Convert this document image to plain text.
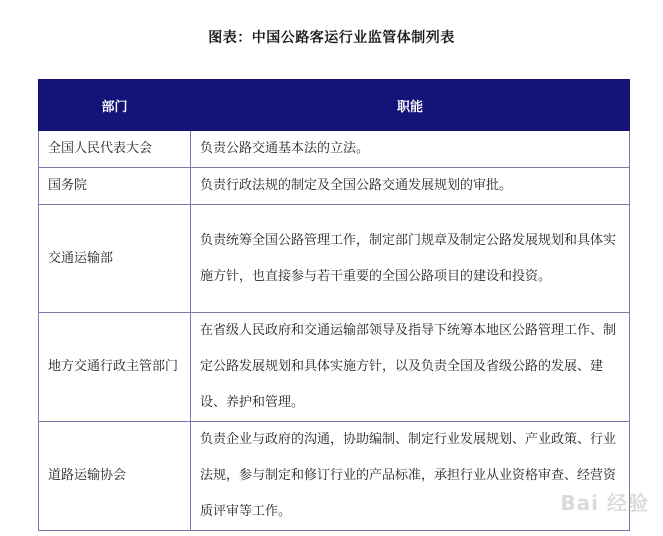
图表：中国公路客运行业监管体制列表
部门	职能
全国人民代表大会	负责公路交通基本法的立法。
国务院	负责行政法规的制定及全国公路交通发展规划的审批。
交通运输部	负责统筹全国公路管理工作，制定部门规章及制定公路发展规划和具体实施方针，也直接参与若干重要的全国公路项目的建设和投资。
地方交通行政主管部门	在省级人民政府和交通运输部领导及指导下统筹本地区公路管理工作、制定公路发展规划和具体实施方针，以及负责全国及省级公路的发展、建设、养护和管理。
道路运输协会	负责企业与政府的沟通，协助编制、制定行业发展规划、产业政策、行业法规，参与制定和修订行业的产品标准，承担行业从业资格审查、经营资质评审等工作。	Bai 经验
